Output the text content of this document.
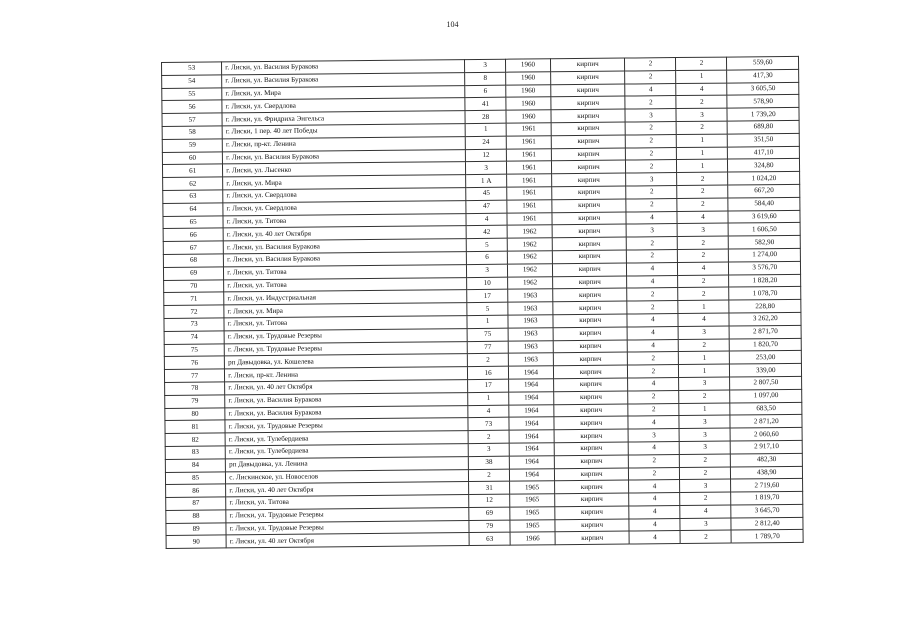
104
53	г. Лиски, ул. Василия Буракова	3	1960	кирпич	2	2	559,60
54	г. Лиски, ул. Василия Буракова	8	1960	кирпич	2	1	417,30
55	г. Лиски, ул. Мира	6	1960	кирпич	4	4	3 605,50
56	г. Лиски, ул. Свердлова	41	1960	кирпич	2	2	578,90
57	г. Лиски, ул. Фридриха Энгельса	28	1960	кирпич	3	3	1 739,20
58	г. Лиски, 1 пер. 40 лет Победы	1	1961	кирпич	2	2	689,80
59	г. Лиски, пр-кт. Ленина	24	1961	кирпич	2	1	351,50
60	г. Лиски, ул. Василия Буракова	12	1961	кирпич	2	1	417,10
61	г. Лиски, ул. Лысенко	3	1961	кирпич	2	1	324,80
62	г. Лиски, ул. Мира	1 А	1961	кирпич	3	2	1 024,20
63	г. Лиски, ул. Свердлова	45	1961	кирпич	2	2	667,20
64	г. Лиски, ул. Свердлова	47	1961	кирпич	2	2	584,40
65	г. Лиски, ул. Титова	4	1961	кирпич	4	4	3 619,60
66	г. Лиски, ул. 40 лет Октября	42	1962	кирпич	3	3	1 606,50
67	г. Лиски, ул. Василия Буракова	5	1962	кирпич	2	2	582,90
68	г. Лиски, ул. Василия Буракова	6	1962	кирпич	2	2	1 274,00
69	г. Лиски, ул. Титова	3	1962	кирпич	4	4	3 576,70
70	г. Лиски, ул. Титова	10	1962	кирпич	4	2	1 828,20
71	г. Лиски, ул. Индустриальная	17	1963	кирпич	2	2	1 078,70
72	г. Лиски, ул. Мира	5	1963	кирпич	2	1	228,80
73	г. Лиски, ул. Титова	1	1963	кирпич	4	4	3 262,20
74	г. Лиски, ул. Трудовые Резервы	75	1963	кирпич	4	3	2 871,70
75	г. Лиски, ул. Трудовые Резервы	77	1963	кирпич	4	2	1 820,70
76	рп Давыдовка, ул. Кошелева	2	1963	кирпич	2	1	253,00
77	г. Лиски, пр-кт. Ленина	16	1964	кирпич	2	1	339,00
78	г. Лиски, ул. 40 лет Октября	17	1964	кирпич	4	3	2 807,50
79	г. Лиски, ул. Василия Буракова	1	1964	кирпич	2	2	1 097,00
80	г. Лиски, ул. Василия Буракова	4	1964	кирпич	2	1	683,50
81	г. Лиски, ул. Трудовые Резервы	73	1964	кирпич	4	3	2 871,20
82	г. Лиски, ул. Тулебердиева	2	1964	кирпич	3	3	2 060,60
83	г. Лиски, ул. Тулебердиева	3	1964	кирпич	4	3	2 917,10
84	рп Давыдовка, ул. Ленина	38	1964	кирпич	2	2	482,30
85	с. Лискинское, ул. Новоселов	2	1964	кирпич	2	2	438,90
86	г. Лиски, ул. 40 лет Октября	31	1965	кирпич	4	3	2 719,60
87	г. Лиски, ул. Титова	12	1965	кирпич	4	2	1 819,70
88	г. Лиски, ул. Трудовые Резервы	69	1965	кирпич	4	4	3 645,70
89	г. Лиски, ул. Трудовые Резервы	79	1965	кирпич	4	3	2 812,40
90	г. Лиски, ул. 40 лет Октября	63	1966	кирпич	4	2	1 789,70
